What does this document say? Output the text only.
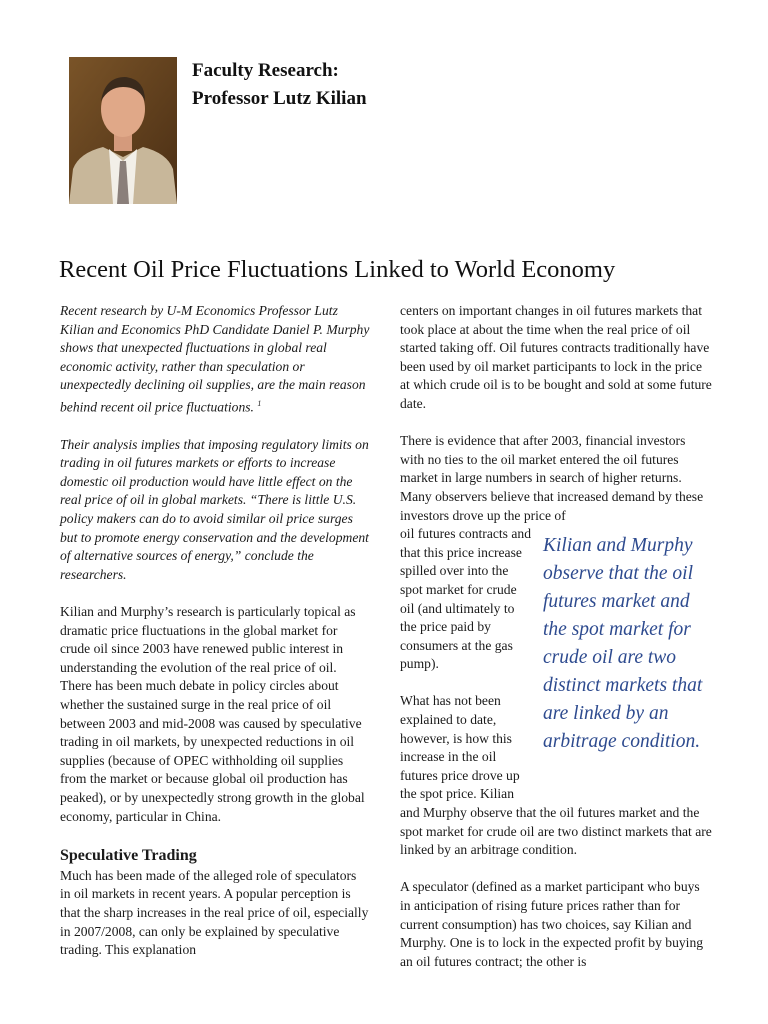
Faculty Research:
Professor Lutz Kilian
Recent Oil Price Fluctuations Linked to World Economy

Recent research by U-M Economics Professor Lutz Kilian and Economics PhD Candidate Daniel P. Murphy shows that unexpected fluctuations in global real economic activity, rather than speculation or unexpectedly declining oil supplies, are the main reason behind recent oil price fluctuations. $^1$

Their analysis implies that imposing regulatory limits on trading in oil futures markets or efforts to increase domestic oil production would have little effect on the real price of oil in global markets. “There is little U.S. policy makers can do to avoid similar oil price surges but to promote energy conservation and the development of alternative sources of energy,” conclude the researchers.

Kilian and Murphy’s research is particularly topical as dramatic price fluctuations in the global market for crude oil since 2003 have renewed public interest in understanding the evolution of the real price of oil. There has been much debate in policy circles about whether the sustained surge in the real price of oil between 2003 and mid-2008 was caused by speculative trading in oil markets, by unexpected reductions in oil supplies (because of OPEC withholding oil supplies from the market or because global oil production has peaked), or by unexpectedly strong growth in the global economy, particular in China.

Speculative Trading

Much has been made of the alleged role of speculators in oil markets in recent years. A popular perception is that the sharp increases in the real price of oil, especially in 2007/2008, can only be explained by speculative trading. This explanation

centers on important changes in oil futures markets that took place at about the time when the real price of oil started taking off. Oil futures contracts traditionally have been used by oil market participants to lock in the price at which crude oil is to be bought and sold at some future date.

There is evidence that after 2003, financial investors with no ties to the oil market entered the oil futures market in large numbers in search of higher returns. Many observers believe that increased demand by these investors drove up the price of

oil futures contracts and that this price increase spilled over into the spot market for crude oil (and ultimately to the price paid by consumers at the gas pump).

What has not been explained to date, however, is how this increase in the oil futures price drove up the spot price. Kilian

and Murphy observe that the oil futures market and the spot market for crude oil are two distinct markets that are linked by an arbitrage condition.

A speculator (defined as a market participant who buys in anticipation of rising future prices rather than for current consumption) has two choices, say Kilian and Murphy. One is to lock in the expected profit by buying an oil futures contract; the other is

Kilian and Murphy observe that the oil futures market and the spot market for crude oil are two distinct markets that are linked by an arbitrage condition.
